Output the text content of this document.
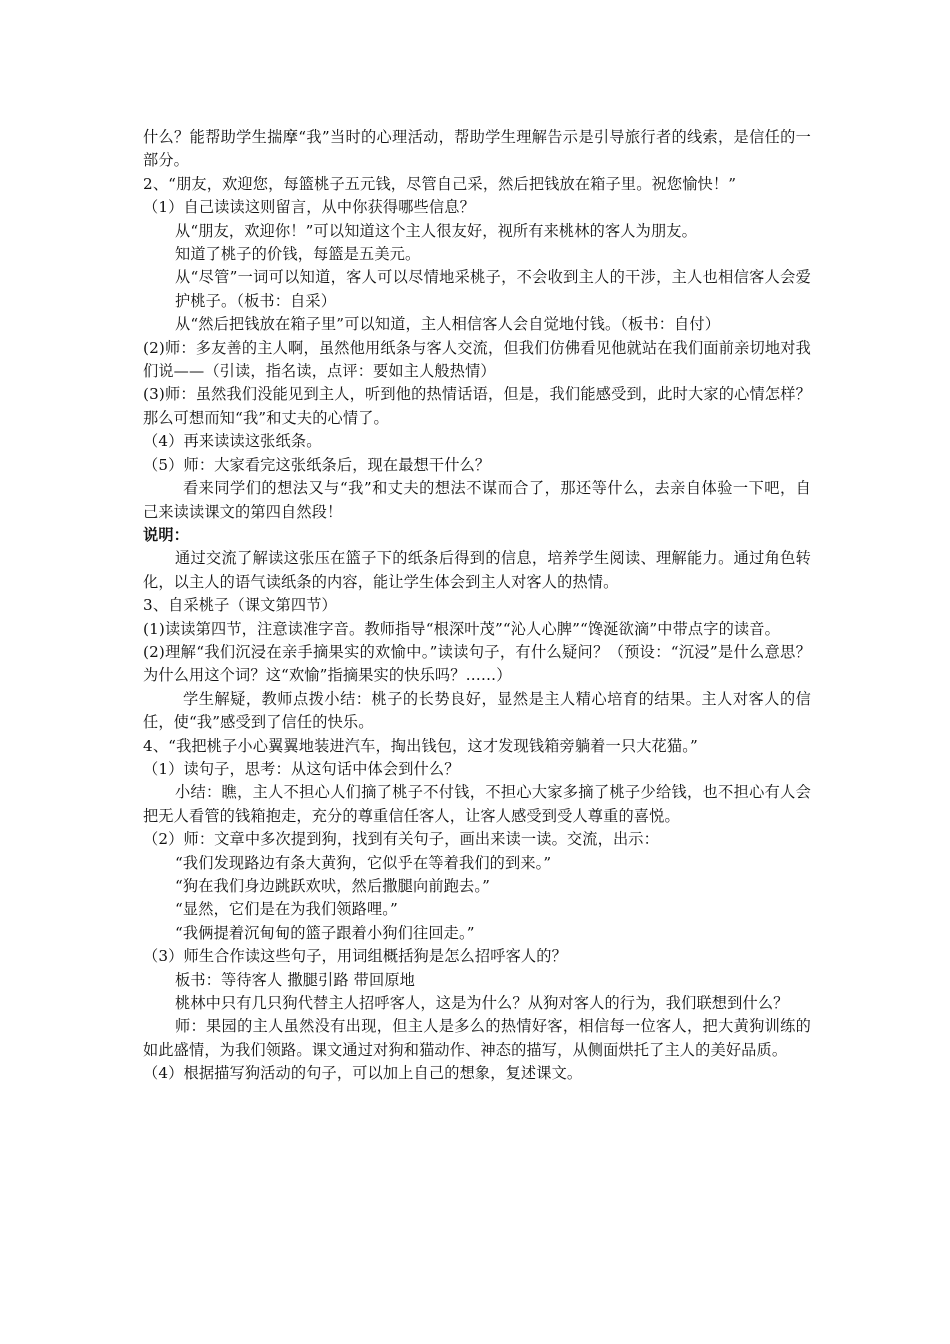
什么？能帮助学生揣摩“我”当时的心理活动，帮助学生理解告示是引导旅行者的线索，是信任的一部分。

2、“朋友，欢迎您，每篮桃子五元钱，尽管自己采，然后把钱放在箱子里。祝您愉快！”

（1）自己读读这则留言，从中你获得哪些信息？

从“朋友，欢迎你！”可以知道这个主人很友好，视所有来桃林的客人为朋友。

知道了桃子的价钱，每篮是五美元。

从“尽管”一词可以知道，客人可以尽情地采桃子，不会收到主人的干涉，主人也相信客人会爱护桃子。（板书：自采）

从“然后把钱放在箱子里”可以知道，主人相信客人会自觉地付钱。（板书：自付）

(2)师：多友善的主人啊，虽然他用纸条与客人交流，但我们仿佛看见他就站在我们面前亲切地对我们说——（引读，指名读，点评：要如主人般热情）

(3)师：虽然我们没能见到主人，听到他的热情话语，但是，我们能感受到，此时大家的心情怎样？那么可想而知“我”和丈夫的心情了。

（4）再来读读这张纸条。

（5）师：大家看完这张纸条后，现在最想干什么？

看来同学们的想法又与“我”和丈夫的想法不谋而合了，那还等什么，去亲自体验一下吧，自己来读读课文的第四自然段！

说明：

通过交流了解读这张压在篮子下的纸条后得到的信息，培养学生阅读、理解能力。通过角色转化，以主人的语气读纸条的内容，能让学生体会到主人对客人的热情。

3、自采桃子（课文第四节）

(1)读读第四节，注意读准字音。教师指导“根深叶茂”“沁人心脾”“馋涎欲滴”中带点字的读音。

(2)理解“我们沉浸在亲手摘果实的欢愉中。”读读句子，有什么疑问？（预设：“沉浸”是什么意思？为什么用这个词？这“欢愉”指摘果实的快乐吗？……）

学生解疑，教师点拨小结：桃子的长势良好，显然是主人精心培育的结果。主人对客人的信任，使“我”感受到了信任的快乐。

4、“我把桃子小心翼翼地装进汽车，掏出钱包，这才发现钱箱旁躺着一只大花猫。”

（1）读句子，思考：从这句话中体会到什么？

小结：瞧，主人不担心人们摘了桃子不付钱，不担心大家多摘了桃子少给钱，也不担心有人会把无人看管的钱箱抱走，充分的尊重信任客人，让客人感受到受人尊重的喜悦。

（2）师：文章中多次提到狗，找到有关句子，画出来读一读。交流，出示：

“我们发现路边有条大黄狗，它似乎在等着我们的到来。”

“狗在我们身边跳跃欢吠，然后撒腿向前跑去。”

“显然，它们是在为我们领路哩。”

“我俩提着沉甸甸的篮子跟着小狗们往回走。”

（3）师生合作读这些句子，用词组概括狗是怎么招呼客人的？

板书：等待客人 撒腿引路 带回原地

桃林中只有几只狗代替主人招呼客人，这是为什么？从狗对客人的行为，我们联想到什么？

师：果园的主人虽然没有出现，但主人是多么的热情好客，相信每一位客人，把大黄狗训练的如此盛情，为我们领路。课文通过对狗和猫动作、神态的描写，从侧面烘托了主人的美好品质。

（4）根据描写狗活动的句子，可以加上自己的想象，复述课文。
